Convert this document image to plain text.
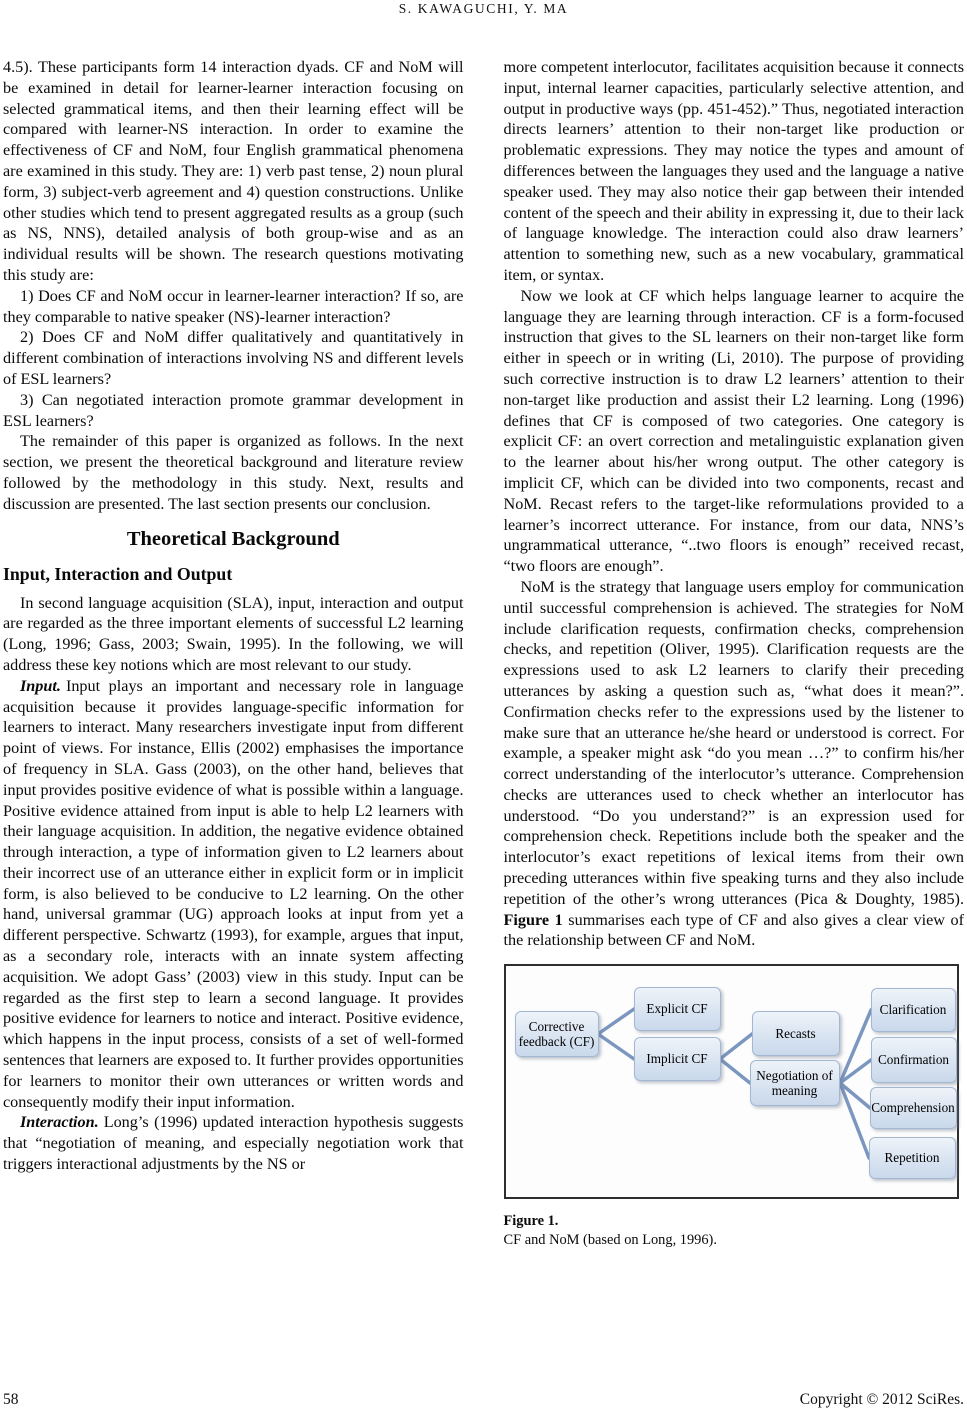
S. KAWAGUCHI, Y. MA

4.5). These participants form 14 interaction dyads. CF and NoM will be examined in detail for learner-learner interaction focusing on selected grammatical items, and then their learning effect will be compared with learner-NS interaction. In order to examine the effectiveness of CF and NoM, four English grammatical phenomena are examined in this study. They are: 1) verb past tense, 2) noun plural form, 3) subject-verb agreement and 4) question constructions. Unlike other studies which tend to present aggregated results as a group (such as NS, NNS), detailed analysis of both group-wise and as an individual results will be shown. The research questions motivating this study are:

1) Does CF and NoM occur in learner-learner interaction? If so, are they comparable to native speaker (NS)-learner interaction?

2) Does CF and NoM differ qualitatively and quantitatively in different combination of interactions involving NS and different levels of ESL learners?

3) Can negotiated interaction promote grammar development in ESL learners?

The remainder of this paper is organized as follows. In the next section, we present the theoretical background and literature review followed by the methodology in this study. Next, results and discussion are presented. The last section presents our conclusion.

Theoretical Background
Input, Interaction and Output

In second language acquisition (SLA), input, interaction and output are regarded as the three important elements of successful L2 learning (Long, 1996; Gass, 2003; Swain, 1995). In the following, we will address these key notions which are most relevant to our study.

Input. Input plays an important and necessary role in language acquisition because it provides language-specific information for learners to interact. Many researchers investigate input from different point of views. For instance, Ellis (2002) emphasises the importance of frequency in SLA. Gass (2003), on the other hand, believes that input provides positive evidence of what is possible within a language. Positive evidence attained from input is able to help L2 learners with their language acquisition. In addition, the negative evidence obtained through interaction, a type of information given to L2 learners about their incorrect use of an utterance either in explicit form or in implicit form, is also believed to be conducive to L2 learning. On the other hand, universal grammar (UG) approach looks at input from yet a different perspective. Schwartz (1993), for example, argues that input, as a secondary role, interacts with an innate system affecting acquisition. We adopt Gass’ (2003) view in this study. Input can be regarded as the first step to learn a second language. It provides positive evidence for learners to notice and interact. Positive evidence, which happens in the input process, consists of a set of well-formed sentences that learners are exposed to. It further provides opportunities for learners to monitor their own utterances or written words and consequently modify their input information.

Interaction. Long’s (1996) updated interaction hypothesis suggests that “negotiation of meaning, and especially negotiation work that triggers interactional adjustments by the NS or

more competent interlocutor, facilitates acquisition because it connects input, internal learner capacities, particularly selective attention, and output in productive ways (pp. 451-452).” Thus, negotiated interaction directs learners’ attention to their non-target like production or problematic expressions. They may notice the types and amount of differences between the languages they used and the language a native speaker used. They may also notice their gap between their intended content of the speech and their ability in expressing it, due to their lack of language knowledge. The interaction could also draw learners’ attention to something new, such as a new vocabulary, grammatical item, or syntax.

Now we look at CF which helps language learner to acquire the language they are learning through interaction. CF is a form-focused instruction that gives to the SL learners on their non-target like form either in speech or in writing (Li, 2010). The purpose of providing such corrective instruction is to draw L2 learners’ attention to their non-target like production and assist their L2 learning. Long (1996) defines that CF is composed of two categories. One category is explicit CF: an overt correction and metalinguistic explanation given to the learner about his/her wrong output. The other category is implicit CF, which can be divided into two components, recast and NoM. Recast refers to the target-like reformulations provided to a learner’s incorrect utterance. For instance, from our data, NNS’s ungrammatical utterance, “..two floors is enough” received recast, “two floors are enough”.

NoM is the strategy that language users employ for communication until successful comprehension is achieved. The strategies for NoM include clarification requests, confirmation checks, comprehension checks, and repetition (Oliver, 1995). Clarification requests are the expressions used to ask L2 learners to clarify their preceding utterances by asking a question such as, “what does it mean?”. Confirmation checks refer to the expressions used by the listener to make sure that an utterance he/she heard or understood is correct. For example, a speaker might ask “do you mean …?” to confirm his/her correct understanding of the interlocutor’s utterance. Comprehension checks are utterances used to check whether an interlocutor has understood. “Do you understand?” is an expression used for comprehension check. Repetitions include both the speaker and the interlocutor’s exact repetitions of lexical items from their own preceding utterances within five speaking turns and they also include repetition of the other’s wrong utterances (Pica & Doughty, 1985). Figure 1 summarises each type of CF and also gives a clear view of the relationship between CF and NoM.

Corrective feedback (CF)
Explicit CF
Implicit CF
Recasts
Negotiation of meaning
Clarification
Confirmation
Comprehension
Repetition
Figure 1.
CF and NoM (based on Long, 1996).
58	Copyright © 2012 SciRes.
